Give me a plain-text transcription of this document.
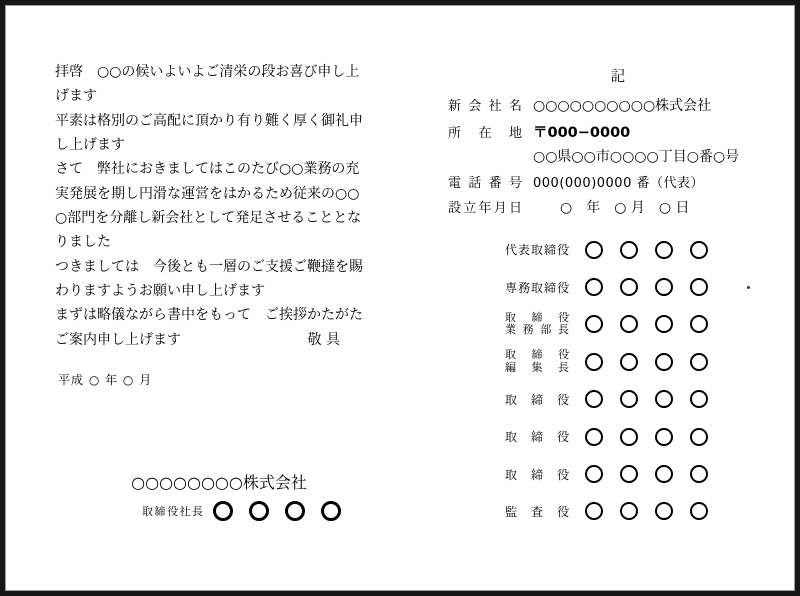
拝啓　○○の候いよいよご清栄の段お喜び申し上
げます
平素は格別のご高配に頂かり有り難く厚く御礼申
し上げます
さて　弊社におきましてはこのたび○○業務の充
実発展を期し円滑な運営をはかるため従来の○○
○部門を分離し新会社として発足させることとな
りました
つきましては　今後とも一層のご支援ご鞭撻を賜
わりますようお願い申し上げます
まずは略儀ながら書中をもって　ご挨拶かたがた
ご案内申し上げます	敬 具
平成 ○ 年 ○ 月
○○○○○○○○株式会社
取締役社長
記
新 会 社 名 ○○○○○○○○○○株式会社
所 在 地 〒000−0000
○○県○○市○○○○丁目○番○号
電 話 番 号 000(000)0000 番（代表）
設 立 年 月 日	○　年　○ 月　○ 日
代 表 取 締 役
専 務 取 締 役
取 締 役
業 務 部 長
取 締 役
編 集 長
取 締 役
取 締 役
取 締 役
監 査 役
